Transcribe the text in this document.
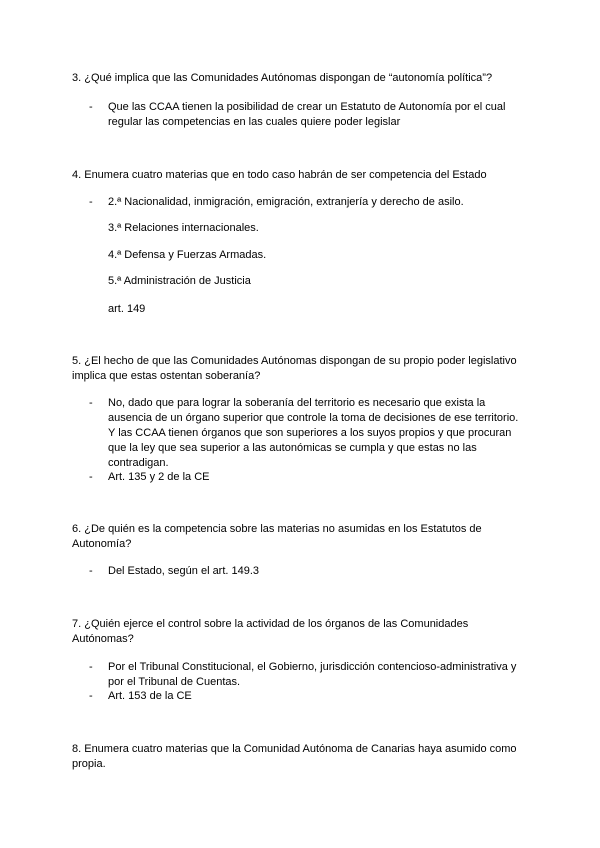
3. ¿Qué implica que las Comunidades Autónomas dispongan de “autonomía política”?
-	Que las CCAA tienen la posibilidad de crear un Estatuto de Autonomía por el cual regular las competencias en las cuales quiere poder legislar
4. Enumera cuatro materias que en todo caso habrán de ser competencia del Estado
-	2.ª Nacionalidad, inmigración, emigración, extranjería y derecho de asilo.
3.ª Relaciones internacionales.
4.ª Defensa y Fuerzas Armadas.
5.ª Administración de Justicia
art. 149
5. ¿El hecho de que las Comunidades Autónomas dispongan de su propio poder legislativo implica que estas ostentan soberanía?
-	No, dado que para lograr la soberanía del territorio es necesario que exista la ausencia de un órgano superior que controle la toma de decisiones de ese territorio. Y las CCAA tienen órganos que son superiores a los suyos propios y que procuran que la ley que sea superior a las autonómicas se cumpla y que estas no las contradigan.
-	Art. 135 y 2 de la CE
6. ¿De quién es la competencia sobre las materias no asumidas en los Estatutos de Autonomía?
-	Del Estado, según el art. 149.3
7. ¿Quién ejerce el control sobre la actividad de los órganos de las Comunidades Autónomas?
-	Por el Tribunal Constitucional, el Gobierno, jurisdicción contencioso-administrativa y por el Tribunal de Cuentas.
-	Art. 153 de la CE
8. Enumera cuatro materias que la Comunidad Autónoma de Canarias haya asumido como propia.
